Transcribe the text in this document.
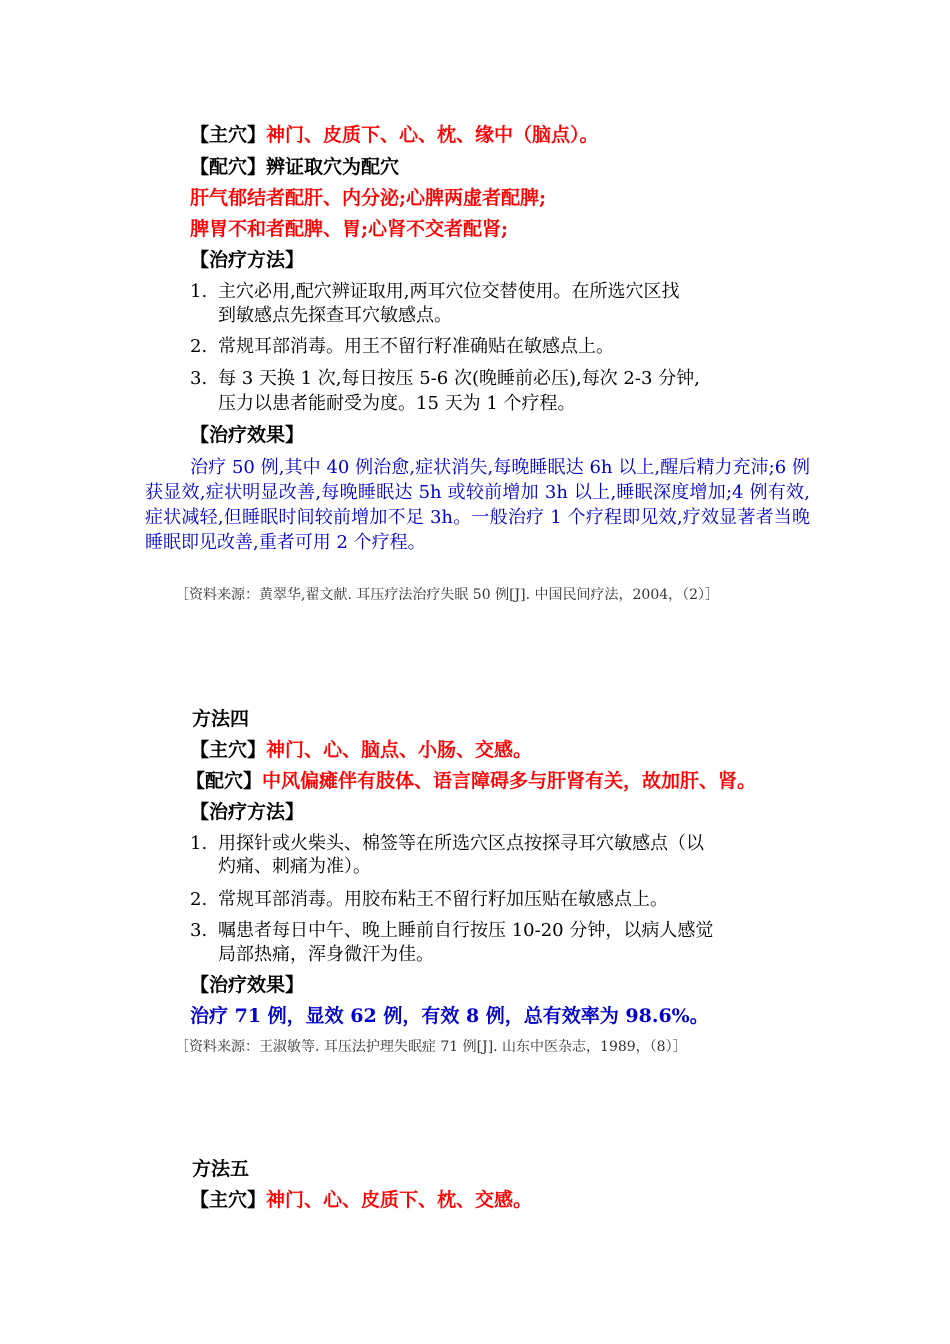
【主穴】神门、皮质下、心、枕、缘中（脑点）。
【配穴】辨证取穴为配穴
肝气郁结者配肝、内分泌;心脾两虚者配脾;
脾胃不和者配脾、胃;心肾不交者配肾;
【治疗方法】
1. 主穴必用,配穴辨证取用,两耳穴位交替使用。在所选穴区找
到敏感点先探查耳穴敏感点。
2. 常规耳部消毒。用王不留行籽准确贴在敏感点上。
3. 每 3 天换 1 次,每日按压 5-6 次(晚睡前必压),每次 2-3 分钟,
压力以患者能耐受为度。15 天为 1 个疗程。
【治疗效果】
治疗 50 例,其中 40 例治愈,症状消失,每晚睡眠达 6h 以上,醒后精力充沛;6 例获显效,症状明显改善,每晚睡眠达 5h 或较前增加 3h 以上,睡眠深度增加;4 例有效,症状减轻,但睡眠时间较前增加不足 3h。一般治疗 1 个疗程即见效,疗效显著者当晚睡眠即见改善,重者可用 2 个疗程。
［资料来源：黄翠华,翟文献. 耳压疗法治疗失眠 50 例[J]. 中国民间疗法，2004，（2）］
方法四
【主穴】神门、心、脑点、小肠、交感。
【配穴】中风偏瘫伴有肢体、语言障碍多与肝肾有关，故加肝、肾。
【治疗方法】
1. 用探针或火柴头、棉签等在所选穴区点按探寻耳穴敏感点（以
灼痛、刺痛为准）。
2. 常规耳部消毒。用胶布粘王不留行籽加压贴在敏感点上。
3. 嘱患者每日中午、晚上睡前自行按压 10-20 分钟，以病人感觉
局部热痛，浑身微汗为佳。
【治疗效果】
治疗 71 例，显效 62 例，有效 8 例，总有效率为 98.6%。
［资料来源：王淑敏等. 耳压法护理失眠症 71 例[J]. 山东中医杂志，1989，（8）］
方法五
【主穴】神门、心、皮质下、枕、交感。
